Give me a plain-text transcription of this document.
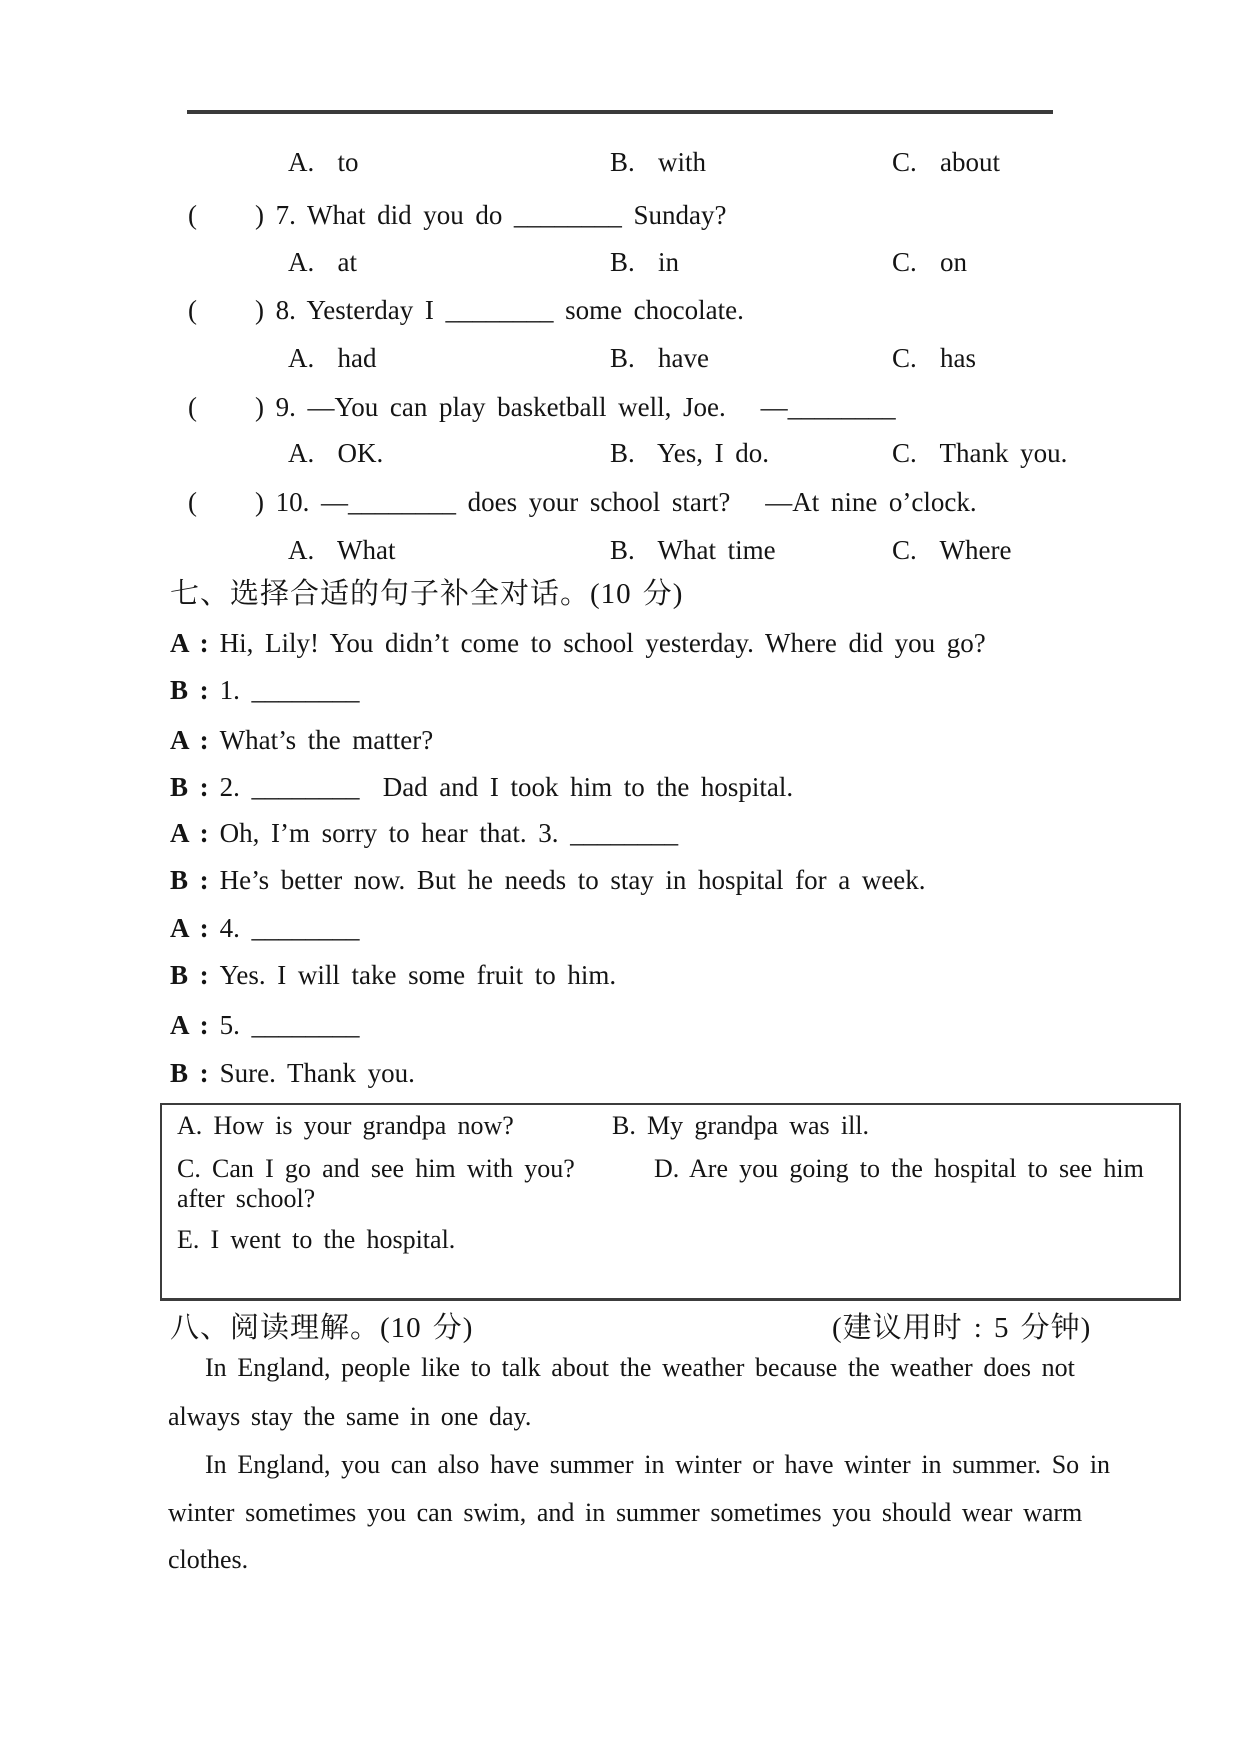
A.  to	B.  with	C.  about
(     ) 7. What did you do ________ Sunday?
A.  at	B.  in	C.  on
(     ) 8. Yesterday I ________ some chocolate.
A.  had	B.  have	C.  has
(     ) 9. —You can play basketball well, Joe.   —________
A.  OK.	B.  Yes, I do.	C.  Thank you.
(     ) 10. —________ does your school start?   —At nine o’clock.
A.  What	B.  What time	C.  Where
七、选择合适的句子补全对话。(10 分)
A : Hi, Lily! You didn’t come to school yesterday. Where did you go?
B : 1. ________
A : What’s the matter?
B : 2. ________  Dad and I took him to the hospital.
A : Oh, I’m sorry to hear that. 3. ________
B : He’s better now. But he needs to stay in hospital for a week.
A : 4. ________
B : Yes. I will take some fruit to him.
A : 5. ________
B : Sure. Thank you.
A. How is your grandpa now?	B. My grandpa was ill.
C. Can I go and see him with you?	D. Are you going to the hospital to see him
after school?
E. I went to the hospital.
八、阅读理解。(10 分)	(建议用时 : 5 分钟)
In England, people like to talk about the weather because the weather does not
always stay the same in one day.
In England, you can also have summer in winter or have winter in summer. So in
winter sometimes you can swim, and in summer sometimes you should wear warm
clothes.
